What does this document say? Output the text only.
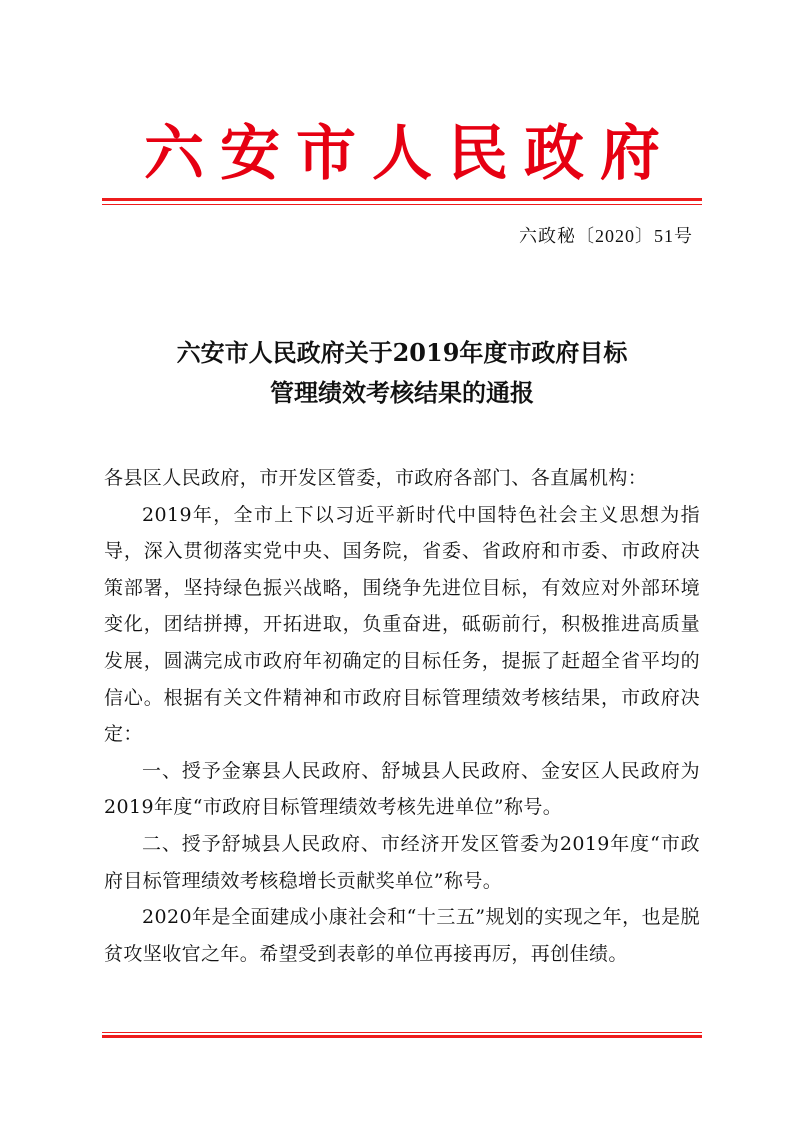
六安市人民政府
六政秘〔2020〕51号
六安市人民政府关于2019年度市政府目标
管理绩效考核结果的通报

各县区人民政府，市开发区管委，市政府各部门、各直属机构：

2019年，全市上下以习近平新时代中国特色社会主义思想为指导，深入贯彻落实党中央、国务院，省委、省政府和市委、市政府决策部署，坚持绿色振兴战略，围绕争先进位目标，有效应对外部环境变化，团结拼搏，开拓进取，负重奋进，砥砺前行，积极推进高质量发展，圆满完成市政府年初确定的目标任务，提振了赶超全省平均的信心。根据有关文件精神和市政府目标管理绩效考核结果，市政府决定：

一、授予金寨县人民政府、舒城县人民政府、金安区人民政府为2019年度“市政府目标管理绩效考核先进单位”称号。

二、授予舒城县人民政府、市经济开发区管委为2019年度“市政府目标管理绩效考核稳增长贡献奖单位”称号。

2020年是全面建成小康社会和“十三五”规划的实现之年，也是脱贫攻坚收官之年。希望受到表彰的单位再接再厉，再创佳绩。
